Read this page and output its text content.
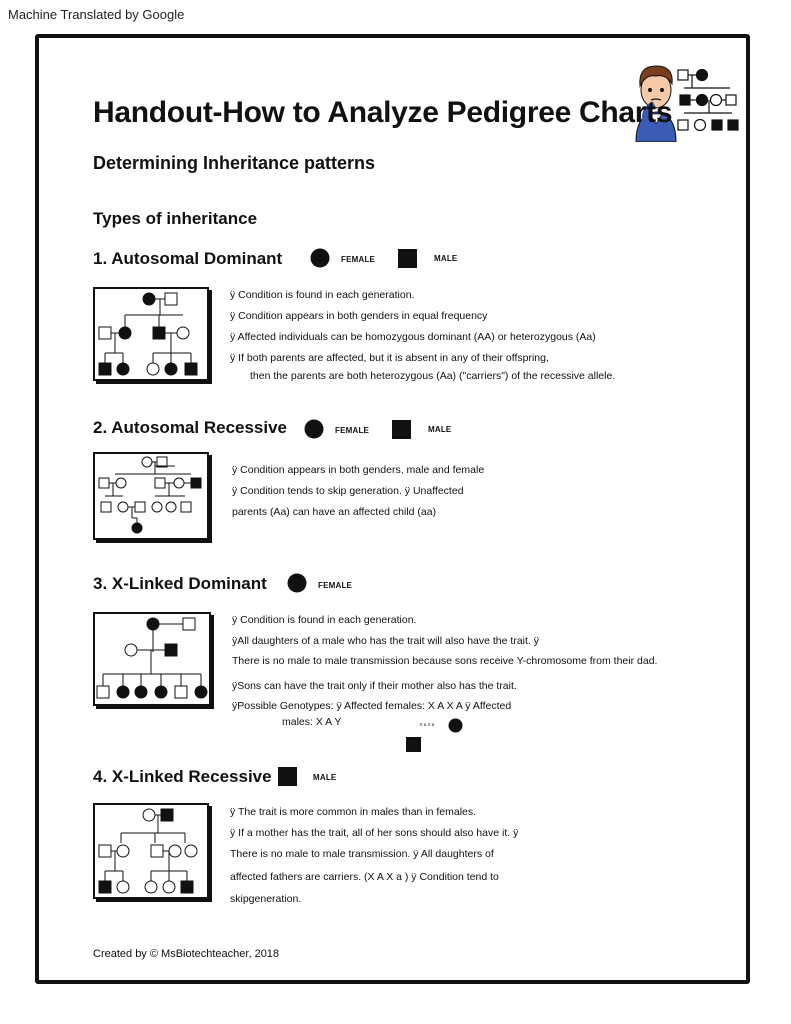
Machine Translated by Google
Handout-How to Analyze Pedigree Charts
Determining Inheritance patterns
Types of inheritance
1. Autosomal Dominant	FEMALE	MALE
ÿ Condition is found in each generation.
ÿ Condition appears in both genders in equal frequency
ÿ Affected individuals can be homozygous dominant (AA) or heterozygous (Aa)
ÿ If both parents are affected, but it is absent in any of their offspring,
then the parents are both heterozygous (Aa) ("carriers") of the recessive allele.
2. Autosomal Recessive	FEMALE	MALE
ÿ Condition appears in both genders, male and female
ÿ Condition tends to skip generation. ÿ Unaffected
parents (Aa) can have an affected child (aa)
3. X-Linked Dominant	FEMALE
ÿ Condition is found in each generation.
ÿAll daughters of a male who has the trait will also have the trait. ÿ
There is no male to male transmission because sons receive Y-chromosome from their dad.
ÿSons can have the trait only if their mother also has the trait.
ÿPossible Genotypes: ÿ Affected females: X A X A ÿ Affected
males: X A Y	, X a X a
4. X-Linked Recessive	MALE
ÿ The trait is more common in males than in females.
ÿ If a mother has the trait, all of her sons should also have it. ÿ
There is no male to male transmission. ÿ All daughters of
affected fathers are carriers. (X A X a ) ÿ Condition tend to
skipgeneration.
Created by © MsBiotechteacher, 2018
